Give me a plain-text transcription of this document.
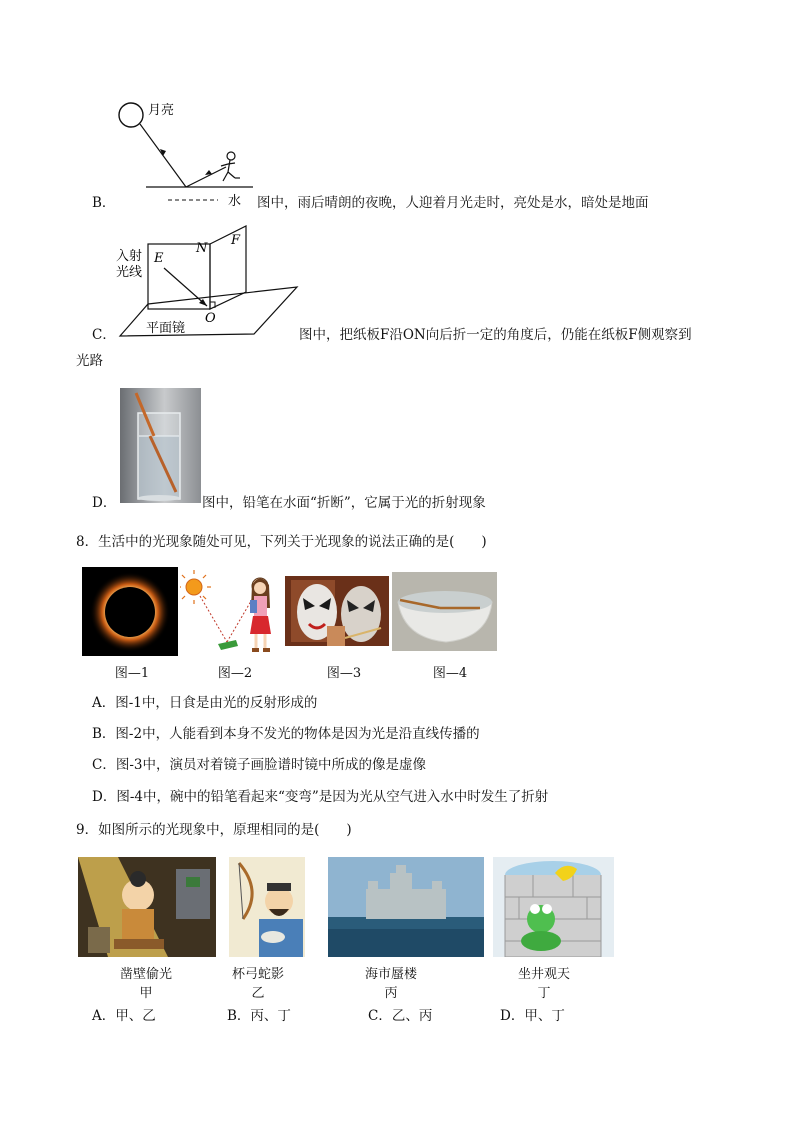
月亮
水
B．	图中，雨后晴朗的夜晚，人迎着月光走时，亮处是水，暗处是地面
入射
光线
E
N
F
O
平面镜
C．	图中，把纸板F沿ON向后折一定的角度后，仍能在纸板F侧观察到
光路
D．	图中，铅笔在水面“折断”，它属于光的折射现象
8．生活中的光现象随处可见，下列关于光现象的说法正确的是(　　)
图—1	图—2	图—3	图—4
A．图-1中，日食是由光的反射形成的
B．图-2中，人能看到本身不发光的物体是因为光是沿直线传播的
C．图-3中，演员对着镜子画脸谱时镜中所成的像是虚像
D．图-4中，碗中的铅笔看起来“变弯”是因为光从空气进入水中时发生了折射
9．如图所示的光现象中，原理相同的是(　　)
凿壁偷光
甲
杯弓蛇影
乙
海市蜃楼
丙
坐井观天
丁
A．甲、乙	B．丙、丁	C．乙、丙	D．甲、丁
